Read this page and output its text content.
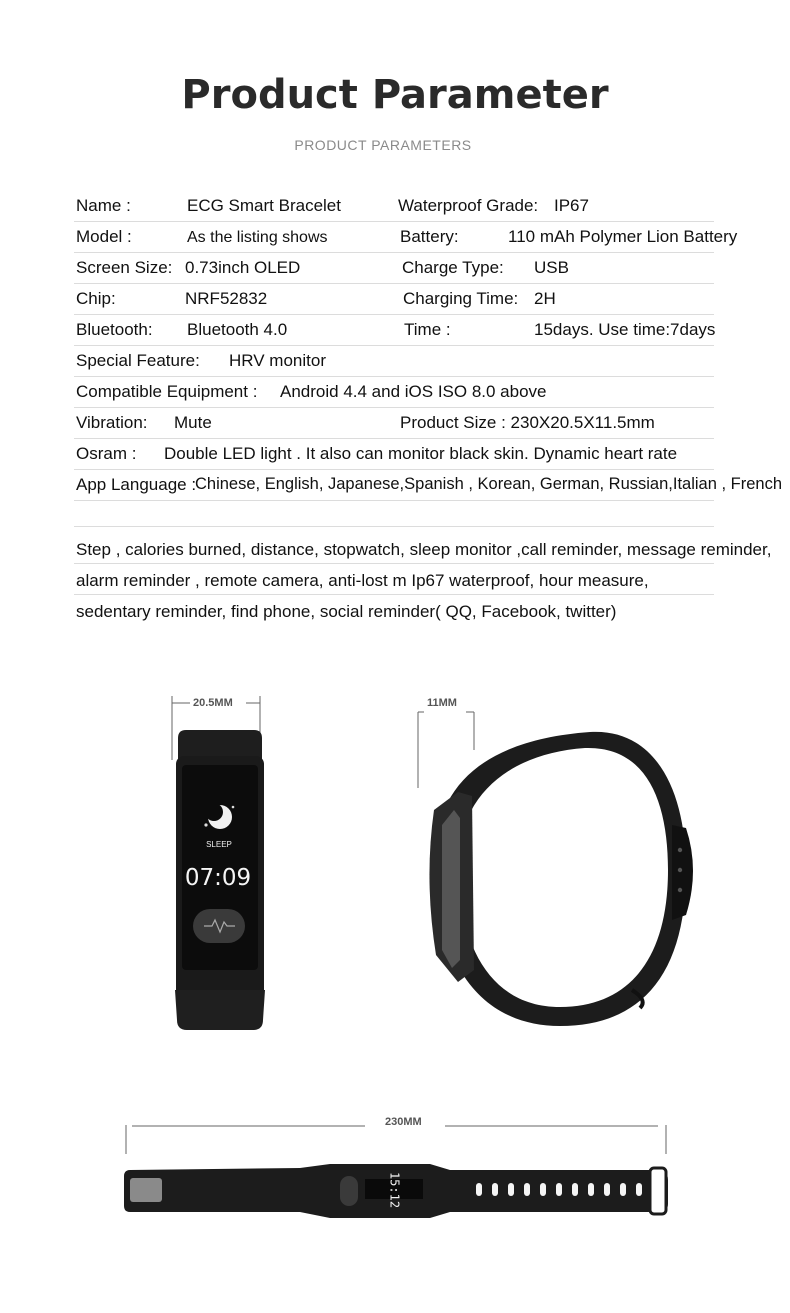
Product Parameter
PRODUCT PARAMETERS
Name :	ECG Smart Bracelet	Waterproof Grade: IP67
Model :	As the listing shows	Battery:	110 mAh Polymer Lion Battery
Screen Size: 0.73inch OLED	Charge Type: USB
Chip:	NRF52832	Charging Time: 2H
Bluetooth: Bluetooth 4.0	Time :	15days. Use time:7days
Special Feature: HRV monitor
Compatible Equipment : Android 4.4 and iOS ISO 8.0 above
Vibration: Mute	Product Size : 230X20.5X11.5mm
Osram : Double LED light . It also can monitor black skin. Dynamic heart rate
App Language :
Chinese, English, Japanese,Spanish , Korean, German, Russian,Italian , French
Step , calories burned, distance, stopwatch, sleep monitor ,call reminder, message reminder,
alarm reminder , remote camera, anti-lost m Ip67 waterproof, hour measure,
sedentary reminder, find phone, social reminder( QQ, Facebook, twitter)
20.5MM
SLEEP
07:09
11MM
230MM
15:12
